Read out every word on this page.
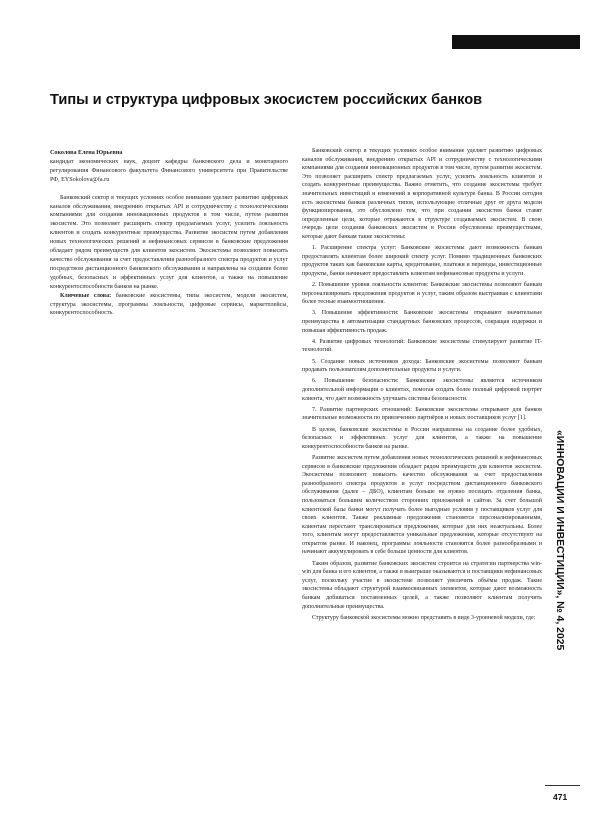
Типы и структура цифровых экосистем российских банков
Соколова Елена Юрьевна
кандидат экономических наук, доцент кафедры банковского дела и монетарного регулирования Финансового факультета Финансового университета при Правительстве РФ, EYSokolova@fa.ru
Банковский сектор в текущих условиях особое внимание уделяет развитию цифровых каналов обслуживания, внедрению открытых API и сотрудничеству с технологическими компаниями для создания инновационных продуктов в том числе, путем развития экосистем. Это позволяет расширить спектр предлагаемых услуг, усилить лояльность клиентов и создать конкурентные преимущества. Развитие экосистем путем добавления новых технологических решений и нефинансовых сервисов в банковские предложения обладает рядом преимуществ для клиентов экосистем. Экосистемы позволяют повысить качество обслуживания за счет предоставления разнообразного спектра продуктов и услуг посредством дистанционного банковского обслуживания и направлены на создание более удобных, безопасных и эффективных услуг для клиентов, а также на повышение конкурентоспособности банков на рынке.
Ключевые слова: банковские экосистемы, типы экосистем, модели экосистем, структура экосистемы, программы лояльности, цифровые сервисы, маркетплейсы, конкурентоспособность.

Банковский сектор в текущих условиях особое внимание уделяет развитию цифровых каналов обслуживания, внедрению открытых API и сотрудничеству с технологическими компаниями для создания инновационных продуктов в том числе, путем развития экосистем. Это позволяет расширить спектр предлагаемых услуг, усилить лояльность клиентов и создать конкурентные преимущества. Важно отметить, что создание экосистемы требует значительных инвестиций и изменений в корпоративной культуре банка. В России сегодня есть экосистемы банков различных типов, использующие отличные друг от друга модели функционирования, это обусловлено тем, что при создании экосистем банки ставят определенные цели, которые отражаются в структуре создаваемых экосистем. В свою очередь цели создания банковских экосистем в России обусловлены преимуществами, которые дают банкам такие экосистемы:

1. Расширение спектра услуг: Банковские экосистемы дают возможность банкам предоставлять клиентам более широкий спектр услуг. Помимо традиционных банковских продуктов таких как банковские карты, кредитование, платежи и переводы, инвестиционные продукты, банки начинают предоставлять клиентам нефинансовые продукты и услуги.

2. Повышение уровня лояльности клиентов: Банковские экосистемы позволяют банкам персонализировать предложения продуктов и услуг, таким образом выстраивая с клиентами более тесные взаимоотношения.

3. Повышение эффективности: Банковские экосистемы открывают значительные преимущества в автоматизации стандартных банковских процессов, сокращая издержки и повышая эффективность продаж.

4. Развитие цифровых технологий: Банковские экосистемы стимулируют развитие IT-технологий.

5. Создание новых источников дохода: Банковские экосистемы позволяют банкам продавать пользователям дополнительные продукты и услуги.

6. Повышение безопасности: Банковские экосистемы являются источником дополнительной информации о клиентах, помогая создать более полный цифровой портрет клиента, что дает возможность улучшать системы безопасности.

7. Развитие партнерских отношений: Банковские экосистемы открывают для банков значительные возможности по привлечению партнёров и новых поставщиков услуг [1].

В целом, банковские экосистемы в России направлены на создание более удобных, безопасных и эффективных услуг для клиентов, а также на повышение конкурентоспособности банков на рынке.

Развитие экосистем путем добавления новых технологических решений и нефинансовых сервисов в банковские предложения обладает рядом преимуществ для клиентов экосистем. Экосистемы позволяют повысить качество обслуживания за счет предоставления разнообразного спектра продуктов и услуг посредством дистанционного банковского обслуживания (далее – ДБО), клиентам больше не нужно посещать отделения банка, пользоваться большим количеством сторонних приложений и сайтов. За счет большой клиентской базы банки могут получать более выгодные условия у поставщиков услуг для своих клиентов. Также рекламные предложения становятся персонализированными, клиентам перестают транслироваться предложения, которые для них неактуальны. Более того, клиентам могут предоставляется уникальные предложения, которые отсутствуют на открытом рынке. И наконец, программы лояльности становятся более разнообразными и начинают аккумулировать в себе больше ценности для клиентов.

Таким образом, развитие банковских экосистем строится на стратегии партнерства win-win для банка и его клиентов, а также в выигрыше оказываются и поставщики нефинансовых услуг, поскольку участие в экосистеме позволяет увеличить объёмы продаж. Такие экосистемы обладают структурой взаимосвязанных элементов, которые дают возможность банкам добиваться поставленных целей, а также позволяют клиентам получить дополнительные преимущества.

Структуру банковской экосистемы можно представить в виде 3-уровневой модели, где:	«ИННОВАЦИИ И ИНВЕСТИЦИИ», № 4, 2025
471
